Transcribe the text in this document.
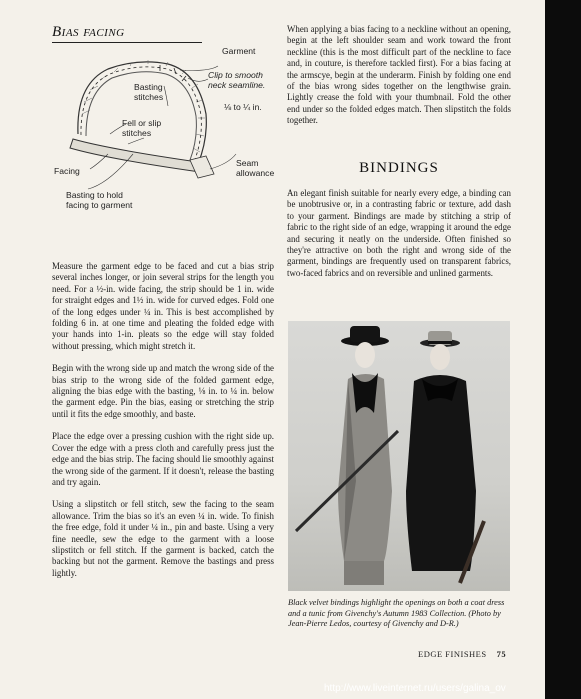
Bias facing
Garment
Clip to smooth
neck seamline.
Basting
stitches
⅛ to ¼ in.
Fell or slip
stitches
Facing
Seam
allowance
Basting to hold
facing to garment

Measure the garment edge to be faced and cut a bias strip several inches longer, or join several strips for the length you need. For a ½-in. wide facing, the strip should be 1 in. wide for straight edges and 1½ in. wide for curved edges. Fold one of the long edges under ¼ in. This is best accomplished by folding 6 in. at one time and pleating the folded edge with your hands into 1-in. pleats so the edge will stay folded without pressing, which might stretch it.

Begin with the wrong side up and match the wrong side of the bias strip to the wrong side of the folded garment edge, aligning the bias edge with the basting, ⅛ in. to ¼ in. below the garment edge. Pin the bias, easing or stretching the strip until it fits the edge smoothly, and baste.

Place the edge over a pressing cushion with the right side up. Cover the edge with a press cloth and carefully press just the edge and the bias strip. The facing should lie smoothly against the wrong side of the garment. If it doesn't, release the basting and try again.

Using a slipstitch or fell stitch, sew the facing to the seam allowance. Trim the bias so it's an even ¼ in. wide. To finish the free edge, fold it under ¼ in., pin and baste. Using a very fine needle, sew the edge to the garment with a loose slipstitch or fell stitch. If the garment is backed, catch the backing but not the garment. Remove the bastings and press lightly.

When applying a bias facing to a neckline without an opening, begin at the left shoulder seam and work toward the front neckline (this is the most difficult part of the neckline to face and, in couture, is therefore tackled first). For a bias facing at the armscye, begin at the underarm. Finish by folding one end of the bias wrong sides together on the lengthwise grain. Lightly crease the fold with your thumbnail. Fold the other end under so the folded edges match. Then slipstitch the folds together.

BINDINGS

An elegant finish suitable for nearly every edge, a binding can be unobtrusive or, in a contrasting fabric or texture, add dash to your garment. Bindings are made by stitching a strip of fabric to the right side of an edge, wrapping it around the edge and securing it neatly on the underside. Often finished so they're attractive on both the right and wrong side of the garment, bindings are frequently used on transparent fabrics, two-faced fabrics and on reversible and unlined garments.

Black velvet bindings highlight the openings on both a coat dress and a tunic from Givenchy's Autumn 1983 Collection. (Photo by Jean-Pierre Ledos, courtesy of Givenchy and D-R.)
EDGE FINISHES 75
http://www.liveinternet.ru/users/galina_ov
